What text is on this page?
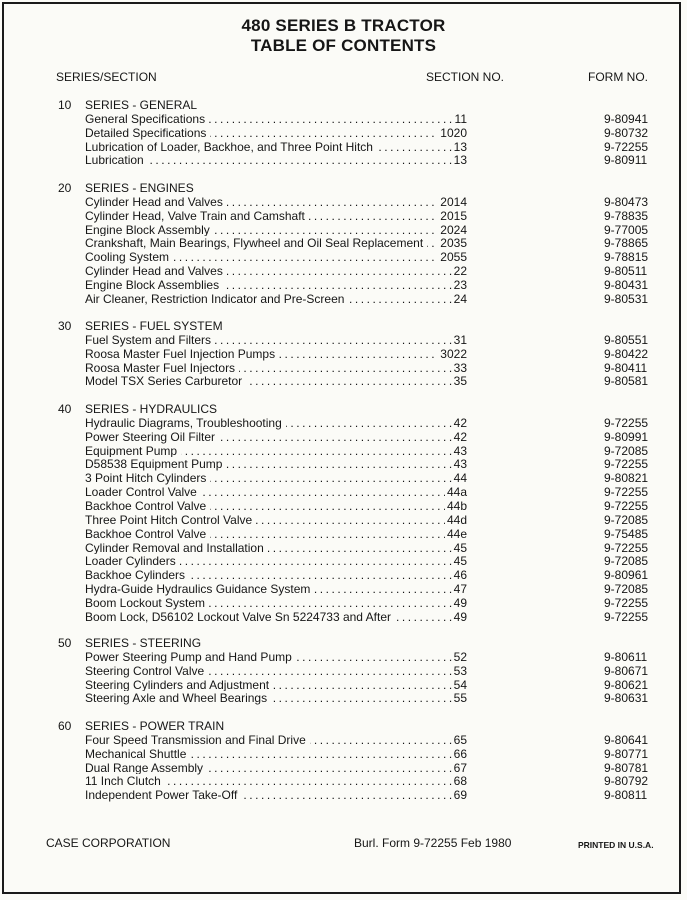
480 SERIES B TRACTOR
TABLE OF CONTENTS
SERIES/SECTION	SECTION NO.	FORM NO.
10 SERIES - GENERAL
General Specifications . . .	11	9-80941
Detailed Specifications . . .	1020	9-80732
Lubrication of Loader, Backhoe, and Three Point Hitch . . .	13	9-72255
Lubrication . . .	13	9-80911
20 SERIES - ENGINES
Cylinder Head and Valves . . .	2014	9-80473
Cylinder Head, Valve Train and Camshaft . . .	2015	9-78835
Engine Block Assembly . . .	2024	9-77005
Crankshaft, Main Bearings, Flywheel and Oil Seal Replacement . . .	2035	9-78865
Cooling System . . .	2055	9-78815
Cylinder Head and Valves . . .	22	9-80511
Engine Block Assemblies . . .	23	9-80431
Air Cleaner, Restriction Indicator and Pre-Screen . . .	24	9-80531
30 SERIES - FUEL SYSTEM
Fuel System and Filters . . .	31	9-80551
Roosa Master Fuel Injection Pumps . . .	3022	9-80422
Roosa Master Fuel Injectors . . .	33	9-80411
Model TSX Series Carburetor . . .	35	9-80581
40 SERIES - HYDRAULICS
Hydraulic Diagrams, Troubleshooting . . .	42	9-72255
Power Steering Oil Filter . . .	42	9-80991
Equipment Pump . . .	43	9-72085
D58538 Equipment Pump . . .	43	9-72255
3 Point Hitch Cylinders . . .	44	9-80821
Loader Control Valve . . .	44a	9-72255
Backhoe Control Valve . . .	44b	9-72255
Three Point Hitch Control Valve . . .	44d	9-72085
Backhoe Control Valve . . .	44e	9-75485
Cylinder Removal and Installation . . .	45	9-72255
Loader Cylinders . . .	45	9-72085
Backhoe Cylinders . . .	46	9-80961
Hydra-Guide Hydraulics Guidance System . . .	47	9-72085
Boom Lockout System . . .	49	9-72255
Boom Lock, D56102 Lockout Valve Sn 5224733 and After . . .	49	9-72255
50 SERIES - STEERING
Power Steering Pump and Hand Pump . . .	52	9-80611
Steering Control Valve . . .	53	9-80671
Steering Cylinders and Adjustment . . .	54	9-80621
Steering Axle and Wheel Bearings . . .	55	9-80631
60 SERIES - POWER TRAIN
Four Speed Transmission and Final Drive . . .	65	9-80641
Mechanical Shuttle . . .	66	9-80771
Dual Range Assembly . . .	67	9-80781
11 Inch Clutch . . .	68	9-80792
Independent Power Take-Off . . .	69	9-80811
CASE CORPORATION	Burl. Form 9-72255 Feb 1980	PRINTED IN U.S.A.
